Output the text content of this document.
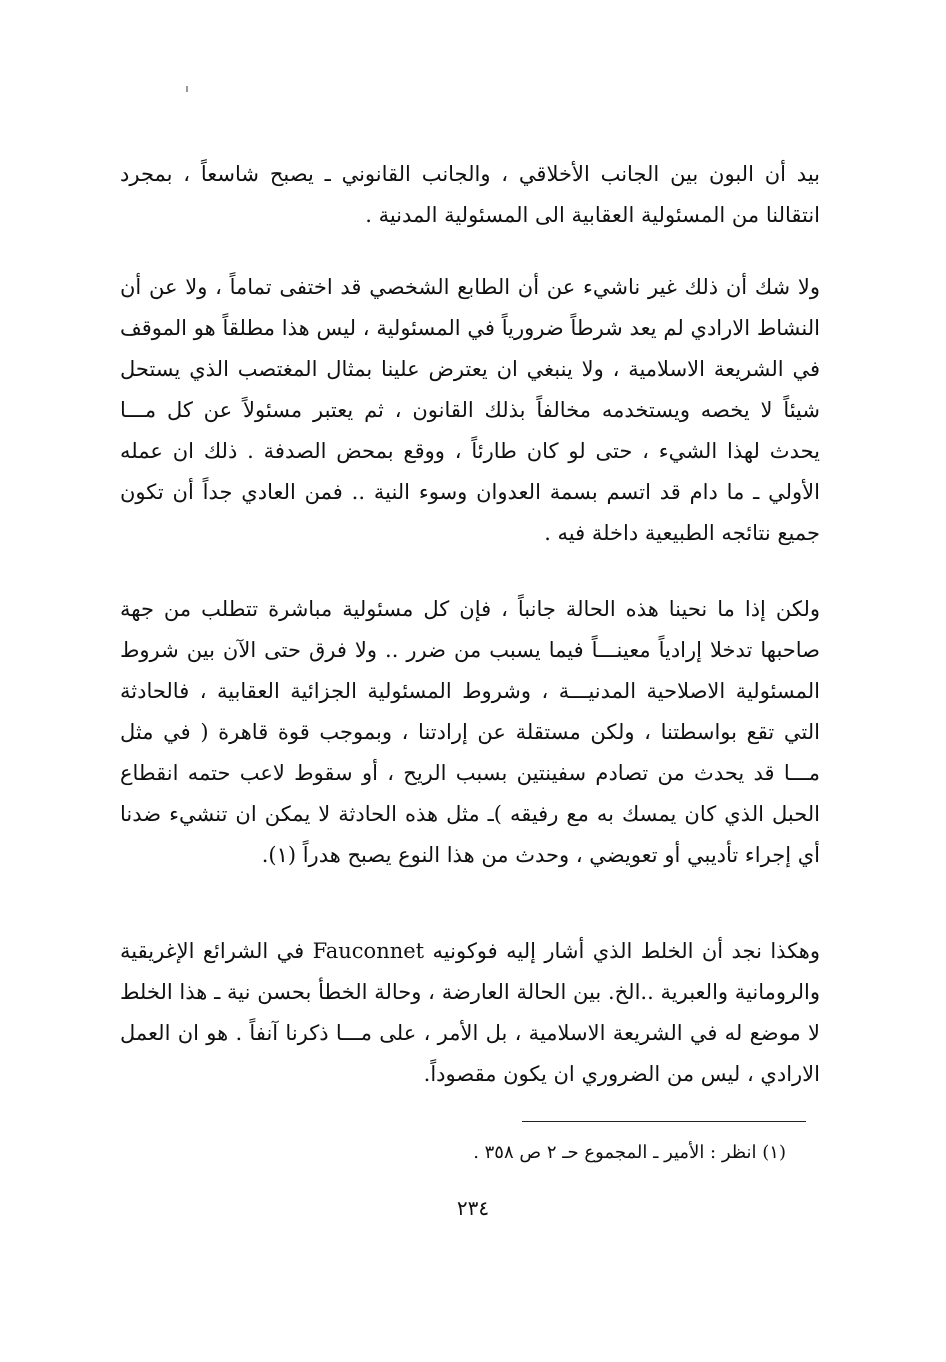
بيد أن البون بين الجانب الأخلاقي ، والجانب القانوني ـ يصبح شاسعاً ، بمجرد انتقالنا من المسئولية العقابية الى المسئولية المدنية .

ولا شك أن ذلك غير ناشيء عن أن الطابع الشخصي قد اختفى تماماً ، ولا عن أن النشاط الارادي لم يعد شرطاً ضرورياً في المسئولية ، ليس هذا مطلقاً هو الموقف في الشريعة الاسلامية ، ولا ينبغي ان يعترض علينا بمثال المغتصب الذي يستحل شيئاً لا يخصه ويستخدمه مخالفاً بذلك القانون ، ثم يعتبر مسئولاً عن كل مـــا يحدث لهذا الشيء ، حتى لو كان طارئاً ، ووقع بمحض الصدفة . ذلك ان عمله الأولي ـ ما دام قد اتسم بسمة العدوان وسوء النية .. فمن العادي جداً أن تكون جميع نتائجه الطبيعية داخلة فيه .

ولكن إذا ما نحينا هذه الحالة جانباً ، فإن كل مسئولية مباشرة تتطلب من جهة صاحبها تدخلا إرادياً معينـــاً فيما يسبب من ضرر .. ولا فرق حتى الآن بين شروط المسئولية الاصلاحية المدنيـــة ، وشروط المسئولية الجزائية العقابية ، فالحادثة التي تقع بواسطتنا ، ولكن مستقلة عن إرادتنا ، وبموجب قوة قاهرة ( في مثل مـــا قد يحدث من تصادم سفينتين بسبب الريح ، أو سقوط لاعب حتمه انقطاع الحبل الذي كان يمسك به مع رفيقه )ـ مثل هذه الحادثة لا يمكن ان تنشيء ضدنا أي إجراء تأديبي أو تعويضي ، وحدث من هذا النوع يصبح هدراً (١).

وهكذا نجد أن الخلط الذي أشار إليه فوكونيه Fauconnet في الشرائع الإغريقية والرومانية والعبرية ..الخ. بين الحالة العارضة ، وحالة الخطأ بحسن نية ـ هذا الخلط لا موضع له في الشريعة الاسلامية ، بل الأمر ، على مـــا ذكرنا آنفاً . هو ان العمل الارادي ، ليس من الضروري ان يكون مقصوداً.

(١) انظر : الأمير ـ المجموع حـ ٢ ص ٣٥٨ .

٢٣٤
